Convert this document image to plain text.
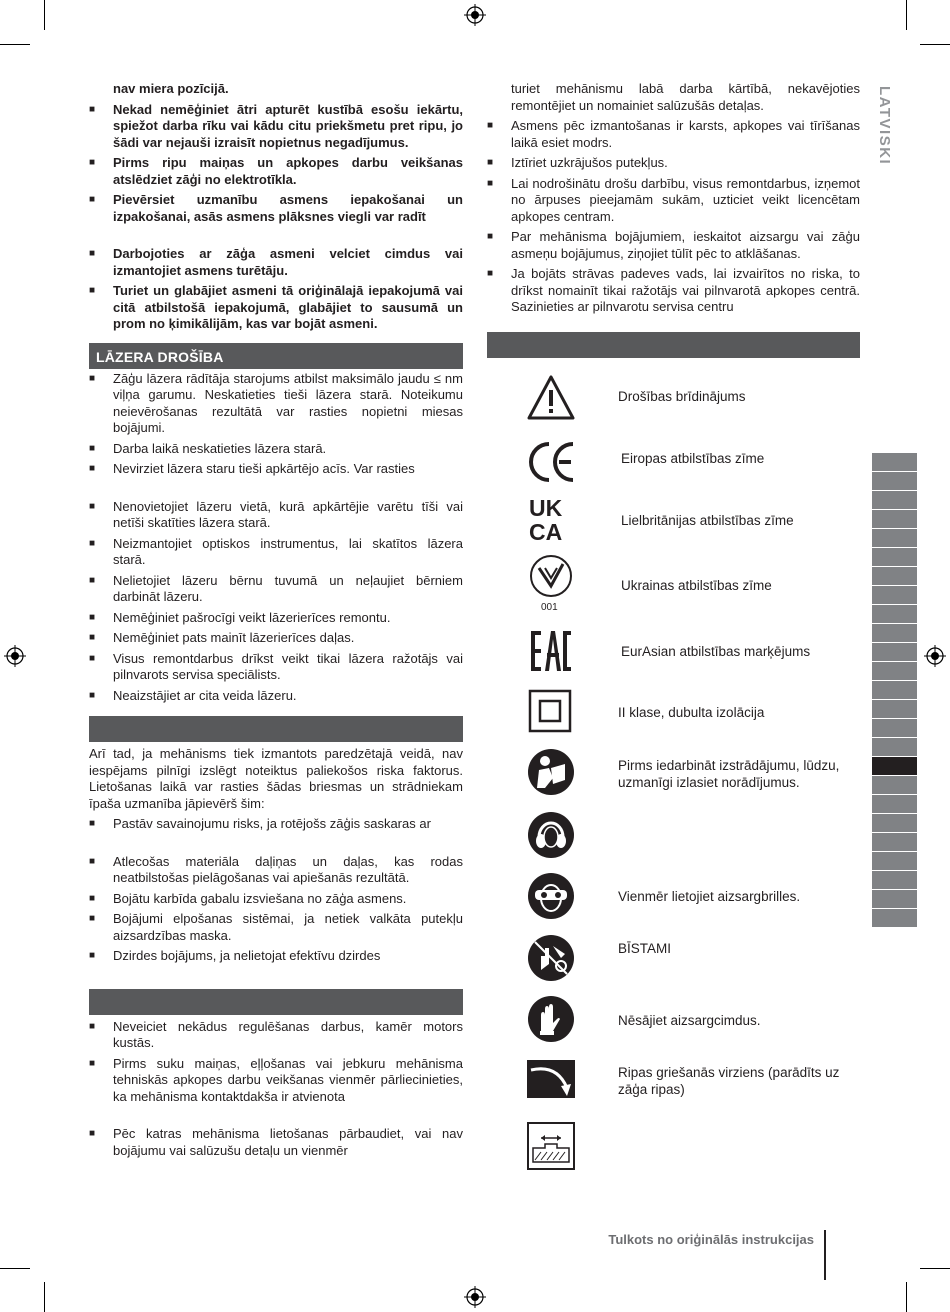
LATVISKI
nav miera pozīcijā.
■ Nekad nemēģiniet ātri apturēt kustībā esošu iekārtu, spiežot darba rīku vai kādu citu priekšmetu pret ripu, jo šādi var nejauši izraisīt nopietnus negadījumus.
■ Pirms ripu maiņas un apkopes darbu veikšanas atslēdziet zāģi no elektrotīkla.
■ Pievērsiet uzmanību asmens iepakošanai un izpakošanai, asās asmens plāksnes viegli var radīt
■ Darbojoties ar zāģa asmeni velciet cimdus vai izmantojiet asmens turētāju.
■ Turiet un glabājiet asmeni tā oriģinālajā iepakojumā vai citā atbilstošā iepakojumā, glabājiet to sausumā un prom no ķimikālijām, kas var bojāt asmeni.
LĀZERA DROŠĪBA
■ Zāģu lāzera rādītāja starojums atbilst maksimālo jaudu ≤ nm viļņa garumu. Neskatieties tieši lāzera starā. Noteikumu neievērošanas rezultātā var rasties nopietni miesas bojājumi.
■ Darba laikā neskatieties lāzera starā.
■ Nevirziet lāzera staru tieši apkārtējo acīs. Var rasties
■ Nenovietojiet lāzeru vietā, kurā apkārtējie varētu tīši vai netīši skatīties lāzera starā.
■ Neizmantojiet optiskos instrumentus, lai skatītos lāzera starā.
■ Nelietojiet lāzeru bērnu tuvumā un neļaujiet bērniem darbināt lāzeru.
■ Nemēģiniet pašrocīgi veikt lāzerierīces remontu.
■ Nemēģiniet pats mainīt lāzerierīces daļas.
■ Visus remontdarbus drīkst veikt tikai lāzera ražotājs vai pilnvarots servisa speciālists.
■ Neaizstājiet ar cita veida lāzeru.
Arī tad, ja mehānisms tiek izmantots paredzētajā veidā, nav iespējams pilnīgi izslēgt noteiktus paliekošos riska faktorus. Lietošanas laikā var rasties šādas briesmas un strādniekam īpaša uzmanība jāpievērš šim:
■ Pastāv savainojumu risks, ja rotējošs zāģis saskaras ar
■ Atlecošas materiāla daļiņas un daļas, kas rodas neatbilstošas pielāgošanas vai apiešanās rezultātā.
■ Bojātu karbīda gabalu izsviešana no zāģa asmens.
■ Bojājumi elpošanas sistēmai, ja netiek valkāta putekļu aizsardzības maska.
■ Dzirdes bojājums, ja nelietojat efektīvu dzirdes
■ Neveiciet nekādus regulēšanas darbus, kamēr motors kustās.
■ Pirms suku maiņas, eļļošanas vai jebkuru mehānisma tehniskās apkopes darbu veikšanas vienmēr pārliecinieties, ka mehānisma kontaktdakša ir atvienota
■ Pēc katras mehānisma lietošanas pārbaudiet, vai nav bojājumu vai salūzušu detaļu un vienmēr
turiet mehānismu labā darba kārtībā, nekavējoties remontējiet un nomainiet salūzušās detaļas.
■ Asmens pēc izmantošanas ir karsts, apkopes vai tīrīšanas laikā esiet modrs.
■ Iztīriet uzkrājušos putekļus.
■ Lai nodrošinātu drošu darbību, visus remontdarbus, izņemot no ārpuses pieejamām sukām, uzticiet veikt licencētam apkopes centram.
■ Par mehānisma bojājumiem, ieskaitot aizsargu vai zāģu asmeņu bojājumus, ziņojiet tūlīt pēc to atklāšanas.
■ Ja bojāts strāvas padeves vads, lai izvairītos no riska, to drīkst nomainīt tikai ražotājs vai pilnvarotā apkopes centrā. Sazinieties ar pilnvarotu servisa centru
Drošības brīdinājums
Eiropas atbilstības zīme
UK
CA	Lielbritānijas atbilstības zīme
001
Ukrainas atbilstības zīme
EurAsian atbilstības marķējums
II klase, dubulta izolācija
Pirms iedarbināt izstrādājumu, lūdzu, uzmanīgi izlasiet norādījumus.
Vienmēr lietojiet aizsargbrilles.
BĪSTAMI
Nēsājiet aizsargcimdus.
Ripas griešanās virziens (parādīts uz zāģa ripas)
Tulkots no oriģinālās instrukcijas
